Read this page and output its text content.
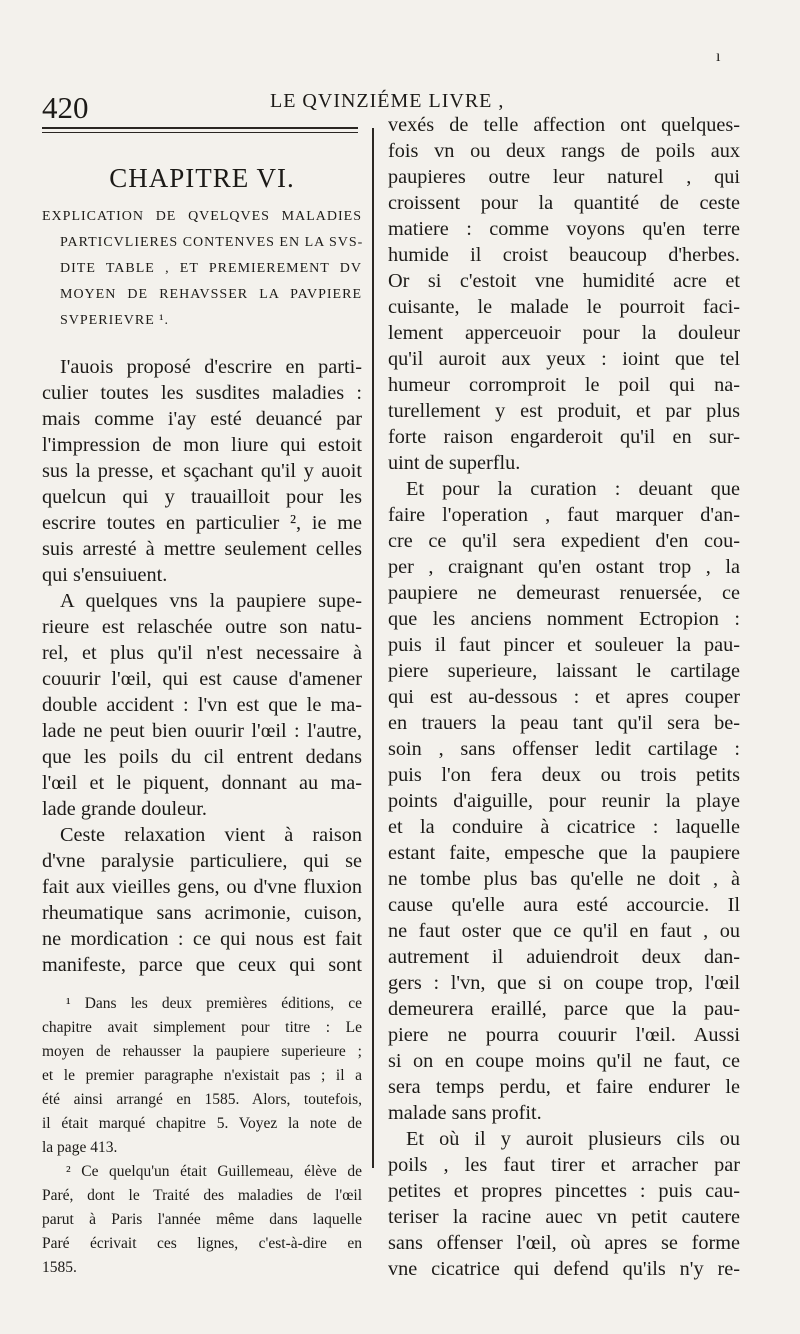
ı
420	LE QVINZIÉME LIVRE ,
CHAPITRE VI.
EXPLICATION DE QVELQVES MALADIES
PARTICVLIERES CONTENVES EN LA SVS-
DITE TABLE , ET PREMIEREMENT DV
MOYEN DE REHAVSSER LA PAVPIERE
SVPERIEVRE ¹.
I'auois proposé d'escrire en parti-
culier toutes les susdites maladies :
mais comme i'ay esté deuancé par
l'impression de mon liure qui estoit
sus la presse, et sçachant qu'il y auoit
quelcun qui y trauailloit pour les
escrire toutes en particulier ², ie me
suis arresté à mettre seulement celles
qui s'ensuiuent.
A quelques vns la paupiere supe-
rieure est relaschée outre son natu-
rel, et plus qu'il n'est necessaire à
couurir l'œil, qui est cause d'amener
double accident : l'vn est que le ma-
lade ne peut bien ouurir l'œil : l'autre,
que les poils du cil entrent dedans
l'œil et le piquent, donnant au ma-
lade grande douleur.
Ceste relaxation vient à raison
d'vne paralysie particuliere, qui se
fait aux vieilles gens, ou d'vne fluxion
rheumatique sans acrimonie, cuison,
ne mordication : ce qui nous est fait
manifeste, parce que ceux qui sont
¹ Dans les deux premières éditions, ce
chapitre avait simplement pour titre : Le
moyen de rehausser la paupiere superieure ;
et le premier paragraphe n'existait pas ; il a
été ainsi arrangé en 1585. Alors, toutefois,
il était marqué chapitre 5. Voyez la note de
la page 413.
² Ce quelqu'un était Guillemeau, élève de
Paré, dont le Traité des maladies de l'œil
parut à Paris l'année même dans laquelle
Paré écrivait ces lignes, c'est-à-dire en
1585.
vexés de telle affection ont quelques-
fois vn ou deux rangs de poils aux
paupieres outre leur naturel , qui
croissent pour la quantité de ceste
matiere : comme voyons qu'en terre
humide il croist beaucoup d'herbes.
Or si c'estoit vne humidité acre et
cuisante, le malade le pourroit faci-
lement apperceuoir pour la douleur
qu'il auroit aux yeux : ioint que tel
humeur corromproit le poil qui na-
turellement y est produit, et par plus
forte raison engarderoit qu'il en sur-
uint de superflu.
Et pour la curation : deuant que
faire l'operation , faut marquer d'an-
cre ce qu'il sera expedient d'en cou-
per , craignant qu'en ostant trop , la
paupiere ne demeurast renuersée, ce
que les anciens nomment Ectropion :
puis il faut pincer et souleuer la pau-
piere superieure, laissant le cartilage
qui est au-dessous : et apres couper
en trauers la peau tant qu'il sera be-
soin , sans offenser ledit cartilage :
puis l'on fera deux ou trois petits
points d'aiguille, pour reunir la playe
et la conduire à cicatrice : laquelle
estant faite, empesche que la paupiere
ne tombe plus bas qu'elle ne doit , à
cause qu'elle aura esté accourcie. Il
ne faut oster que ce qu'il en faut , ou
autrement il aduiendroit deux dan-
gers : l'vn, que si on coupe trop, l'œil
demeurera eraillé, parce que la pau-
piere ne pourra couurir l'œil. Aussi
si on en coupe moins qu'il ne faut, ce
sera temps perdu, et faire endurer le
malade sans profit.
Et où il y auroit plusieurs cils ou
poils , les faut tirer et arracher par
petites et propres pincettes : puis cau-
teriser la racine auec vn petit cautere
sans offenser l'œil, où apres se forme
vne cicatrice qui defend qu'ils n'y re-
